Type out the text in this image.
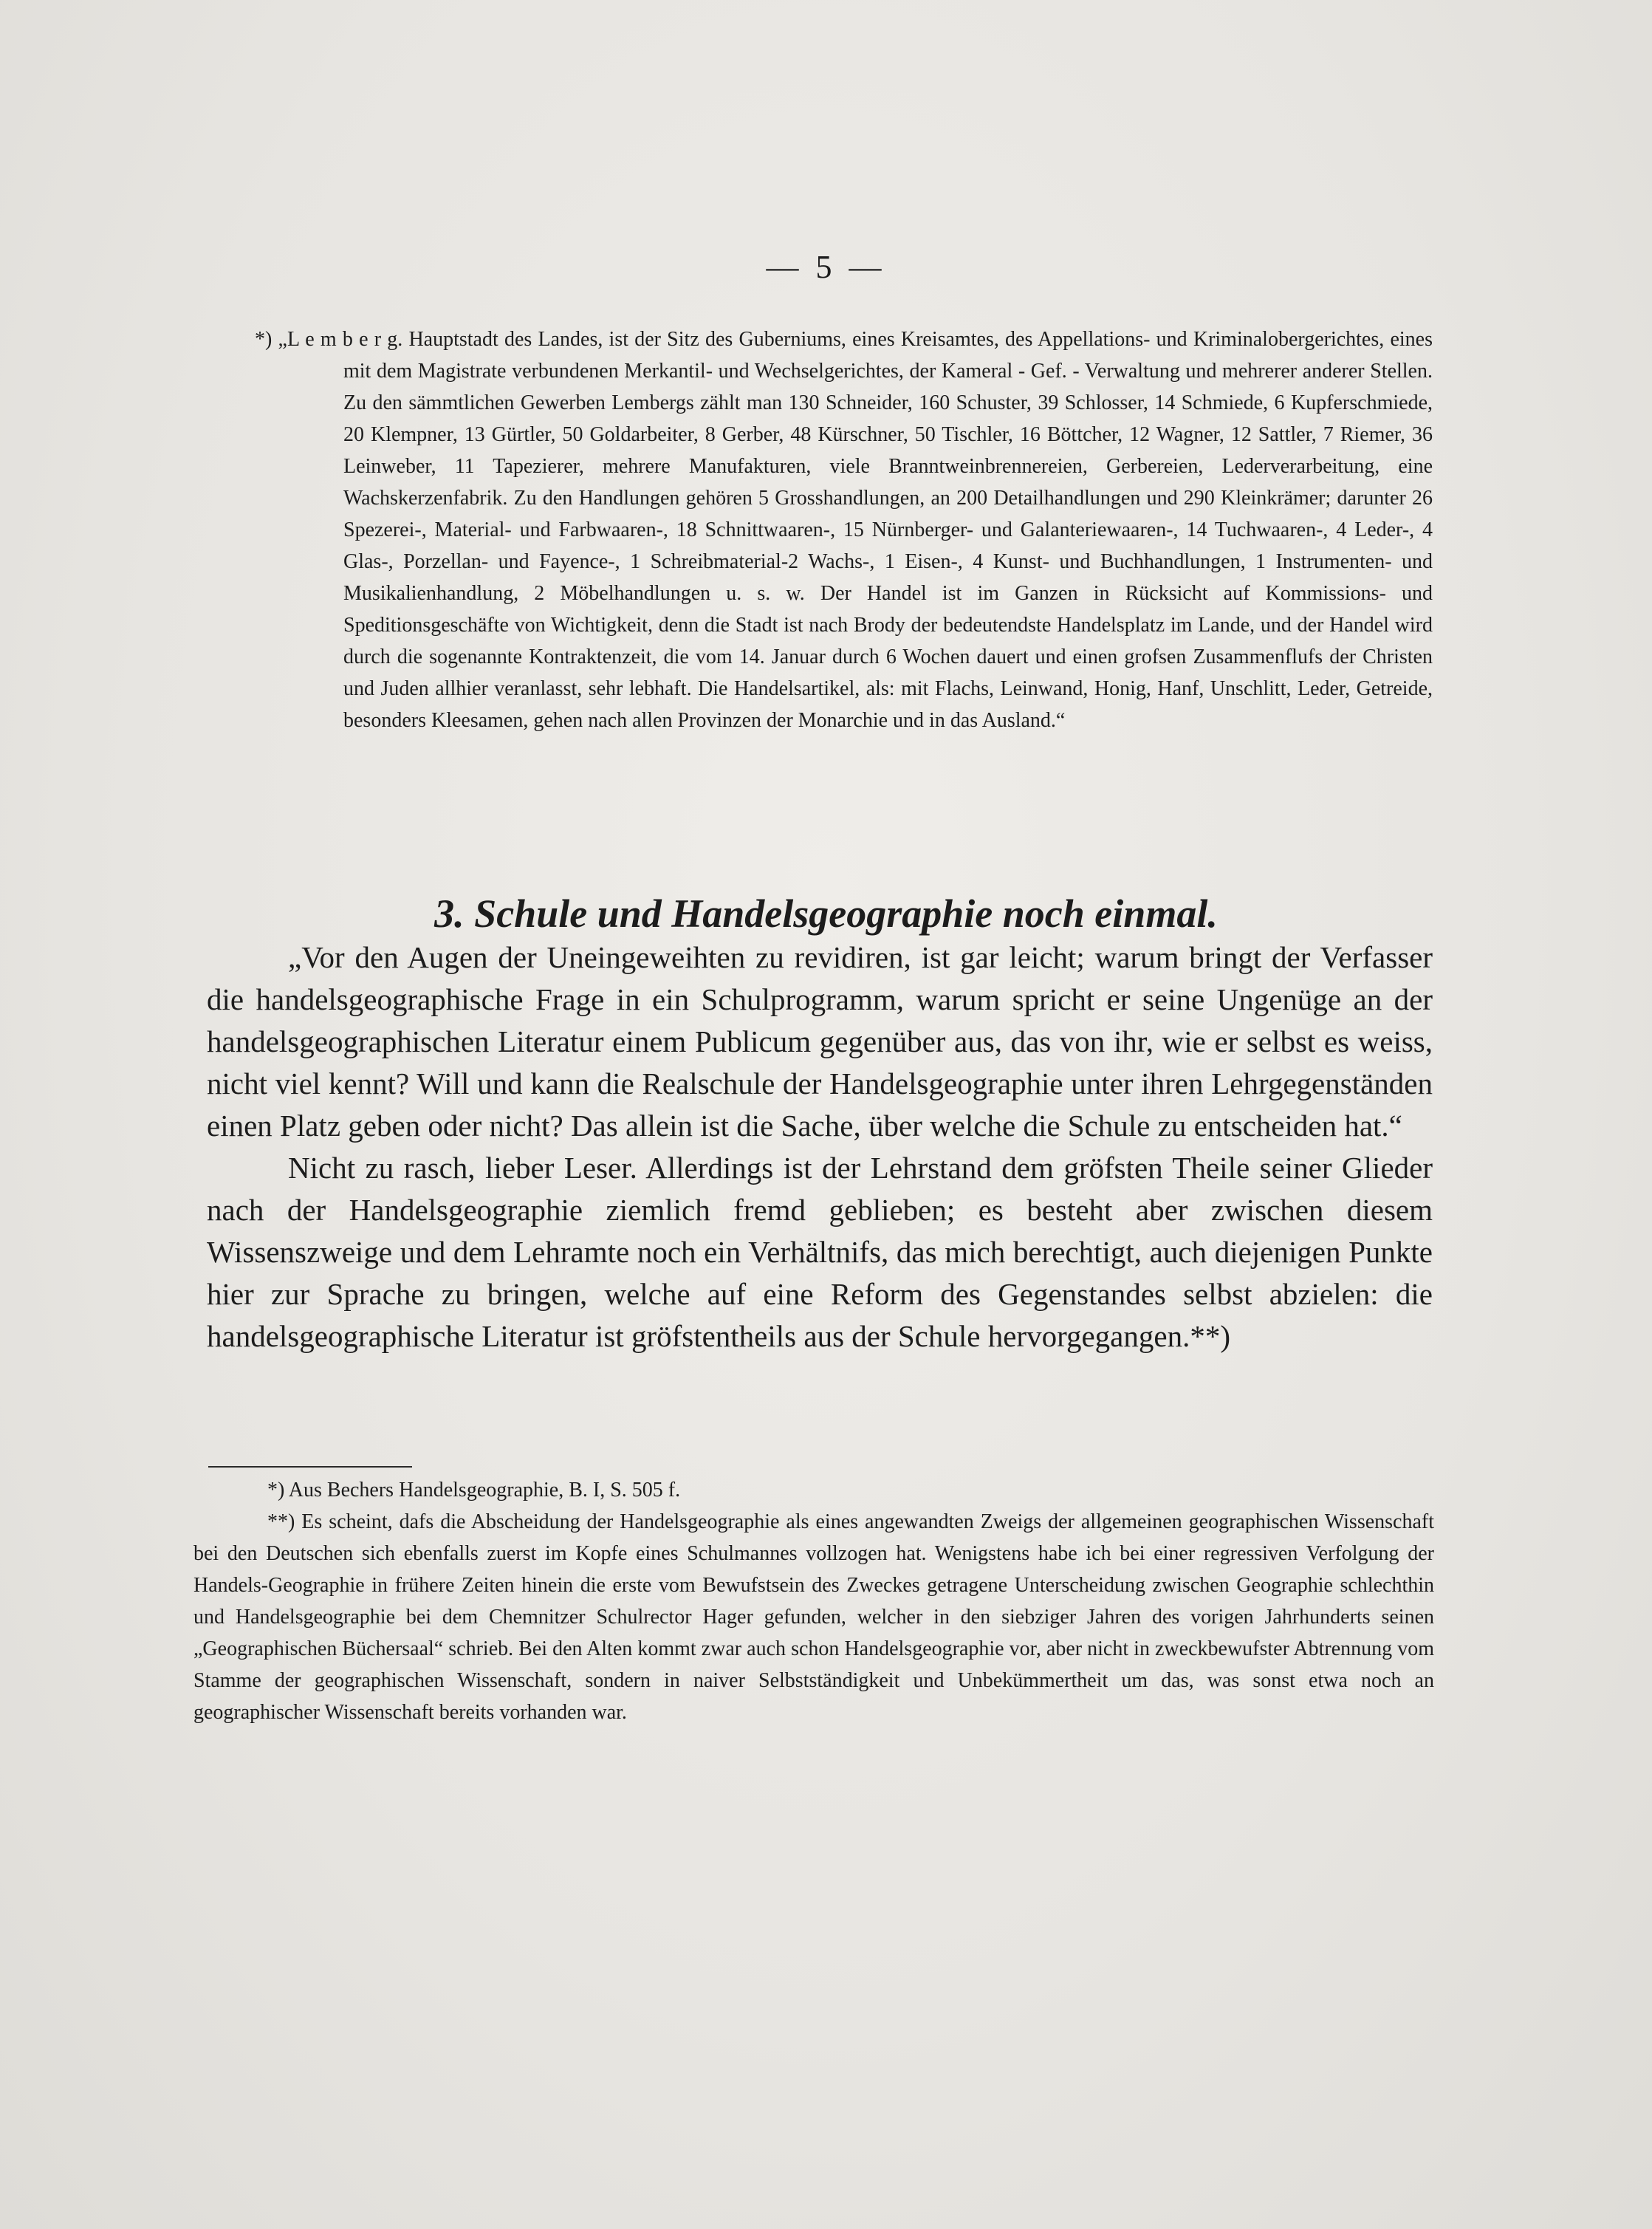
— 5 —

*) „L e m b e r g. Hauptstadt des Landes, ist der Sitz des Guberniums, eines Kreisamtes, des Appellations- und Kriminalobergerichtes, eines mit dem Magistrate verbundenen Merkantil- und Wechselgerichtes, der Kameral - Gef. - Verwaltung und mehrerer anderer Stellen. Zu den sämmtlichen Gewerben Lembergs zählt man 130 Schneider, 160 Schuster, 39 Schlosser, 14 Schmiede, 6 Kupferschmiede, 20 Klempner, 13 Gürtler, 50 Goldarbeiter, 8 Gerber, 48 Kürschner, 50 Tischler, 16 Böttcher, 12 Wagner, 12 Sattler, 7 Riemer, 36 Leinweber, 11 Tapezierer, mehrere Manufakturen, viele Branntweinbrennereien, Gerbereien, Lederverarbeitung, eine Wachskerzenfabrik. Zu den Handlungen gehören 5 Grosshandlungen, an 200 Detailhandlungen und 290 Kleinkrämer; darunter 26 Spezerei-, Material- und Farbwaaren-, 18 Schnittwaaren-, 15 Nürnberger- und Galanteriewaaren-, 14 Tuchwaaren-, 4 Leder-, 4 Glas-, Porzellan- und Fayence-, 1 Schreibmaterial-2 Wachs-, 1 Eisen-, 4 Kunst- und Buchhandlungen, 1 Instrumenten- und Musikalienhandlung, 2 Möbelhandlungen u. s. w. Der Handel ist im Ganzen in Rücksicht auf Kommissions- und Speditionsgeschäfte von Wichtigkeit, denn die Stadt ist nach Brody der bedeutendste Handelsplatz im Lande, und der Handel wird durch die sogenannte Kontraktenzeit, die vom 14. Januar durch 6 Wochen dauert und einen grofsen Zusammenflufs der Christen und Juden allhier veranlasst, sehr lebhaft. Die Handelsartikel, als: mit Flachs, Leinwand, Honig, Hanf, Unschlitt, Leder, Getreide, besonders Kleesamen, gehen nach allen Provinzen der Monarchie und in das Ausland.“

3. Schule und Handelsgeographie noch einmal.

„Vor den Augen der Uneingeweihten zu revidiren, ist gar leicht; warum bringt der Verfasser die handelsgeographische Frage in ein Schulprogramm, warum spricht er seine Ungenüge an der handelsgeographischen Literatur einem Publicum gegenüber aus, das von ihr, wie er selbst es weiss, nicht viel kennt? Will und kann die Realschule der Handelsgeographie unter ihren Lehrgegenständen einen Platz geben oder nicht? Das allein ist die Sache, über welche die Schule zu entscheiden hat.“

Nicht zu rasch, lieber Leser. Allerdings ist der Lehrstand dem gröfsten Theile seiner Glieder nach der Handelsgeographie ziemlich fremd geblieben; es besteht aber zwischen diesem Wissenszweige und dem Lehramte noch ein Verhältnifs, das mich berechtigt, auch diejenigen Punkte hier zur Sprache zu bringen, welche auf eine Reform des Gegenstandes selbst abzielen: die handelsgeographische Literatur ist gröfstentheils aus der Schule hervorgegangen.**)

*) Aus Bechers Handelsgeographie, B. I, S. 505 f.

**) Es scheint, dafs die Abscheidung der Handelsgeographie als eines angewandten Zweigs der allgemeinen geographischen Wissenschaft bei den Deutschen sich ebenfalls zuerst im Kopfe eines Schulmannes vollzogen hat. Wenigstens habe ich bei einer regressiven Verfolgung der Handels-Geographie in frühere Zeiten hinein die erste vom Bewufstsein des Zweckes getragene Unterscheidung zwischen Geographie schlechthin und Handelsgeographie bei dem Chemnitzer Schulrector Hager gefunden, welcher in den siebziger Jahren des vorigen Jahrhunderts seinen „Geographischen Büchersaal“ schrieb. Bei den Alten kommt zwar auch schon Handelsgeographie vor, aber nicht in zweckbewufster Abtrennung vom Stamme der geographischen Wissenschaft, sondern in naiver Selbstständigkeit und Unbekümmertheit um das, was sonst etwa noch an geographischer Wissenschaft bereits vorhanden war.
